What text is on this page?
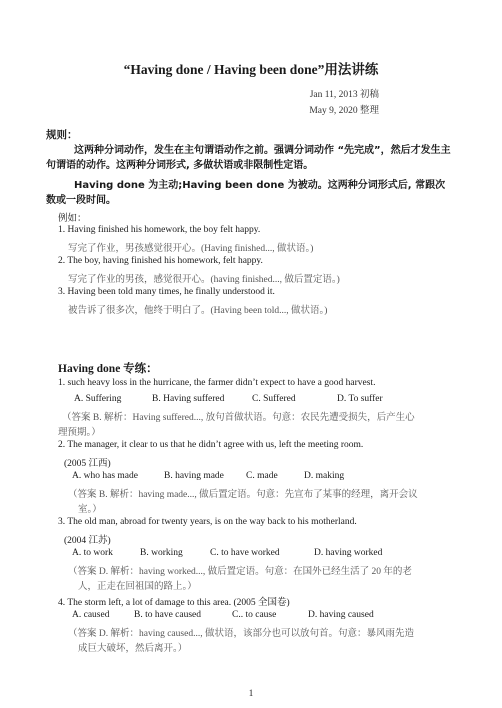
“Having done / Having been done”用法讲练
Jan 11, 2013 初稿
May 9, 2020 整理
规则：
这两种分词动作，发生在主句谓语动作之前。强调分词动作 “先完成”，然后才发生主句谓语的动作。这两种分词形式, 多做状语或非限制性定语。
Having done 为主动;Having been done 为被动。这两种分词形式后, 常跟次数或一段时间。
例如：
1. Having finished his homework, the boy felt happy.
写完了作业，男孩感觉很开心。(Having finished..., 做状语。)
2. The boy, having finished his homework, felt happy.
写完了作业的男孩，感觉很开心。(having finished..., 做后置定语。)
3. Having been told many times, he finally understood it.
被告诉了很多次，他终于明白了。(Having been told..., 做状语。)
Having done 专练：
1. such heavy loss in the hurricane, the farmer didn’t expect to have a good harvest.
A. Suffering	B. Having suffered	C. Suffered	D. To suffer
（答案 B. 解析：Having suffered..., 放句首做状语。句意：农民先遭受损失，后产生心
理预期。）
2. The manager, it clear to us that he didn’t agree with us, left the meeting room.
(2005 江西)
A. who has made	B. having made C. made	D. making
（答案 B. 解析：having made..., 做后置定语。句意：先宣布了某事的经理，离开会议
室。）
3. The old man, abroad for twenty years, is on the way back to his motherland.
(2004 江苏)
A. to work	B. working	C. to have worked	D. having worked
（答案 D. 解析：having worked..., 做后置定语。句意：在国外已经生活了 20 年的老
人，正走在回祖国的路上。）
4. The storm left, a lot of damage to this area. (2005 全国卷)
A. caused	B. to have caused	C.. to cause	D. having caused
（答案 D. 解析：having caused..., 做状语，该部分也可以放句首。句意：暴风雨先造
成巨大破坏，然后离开。）
1
